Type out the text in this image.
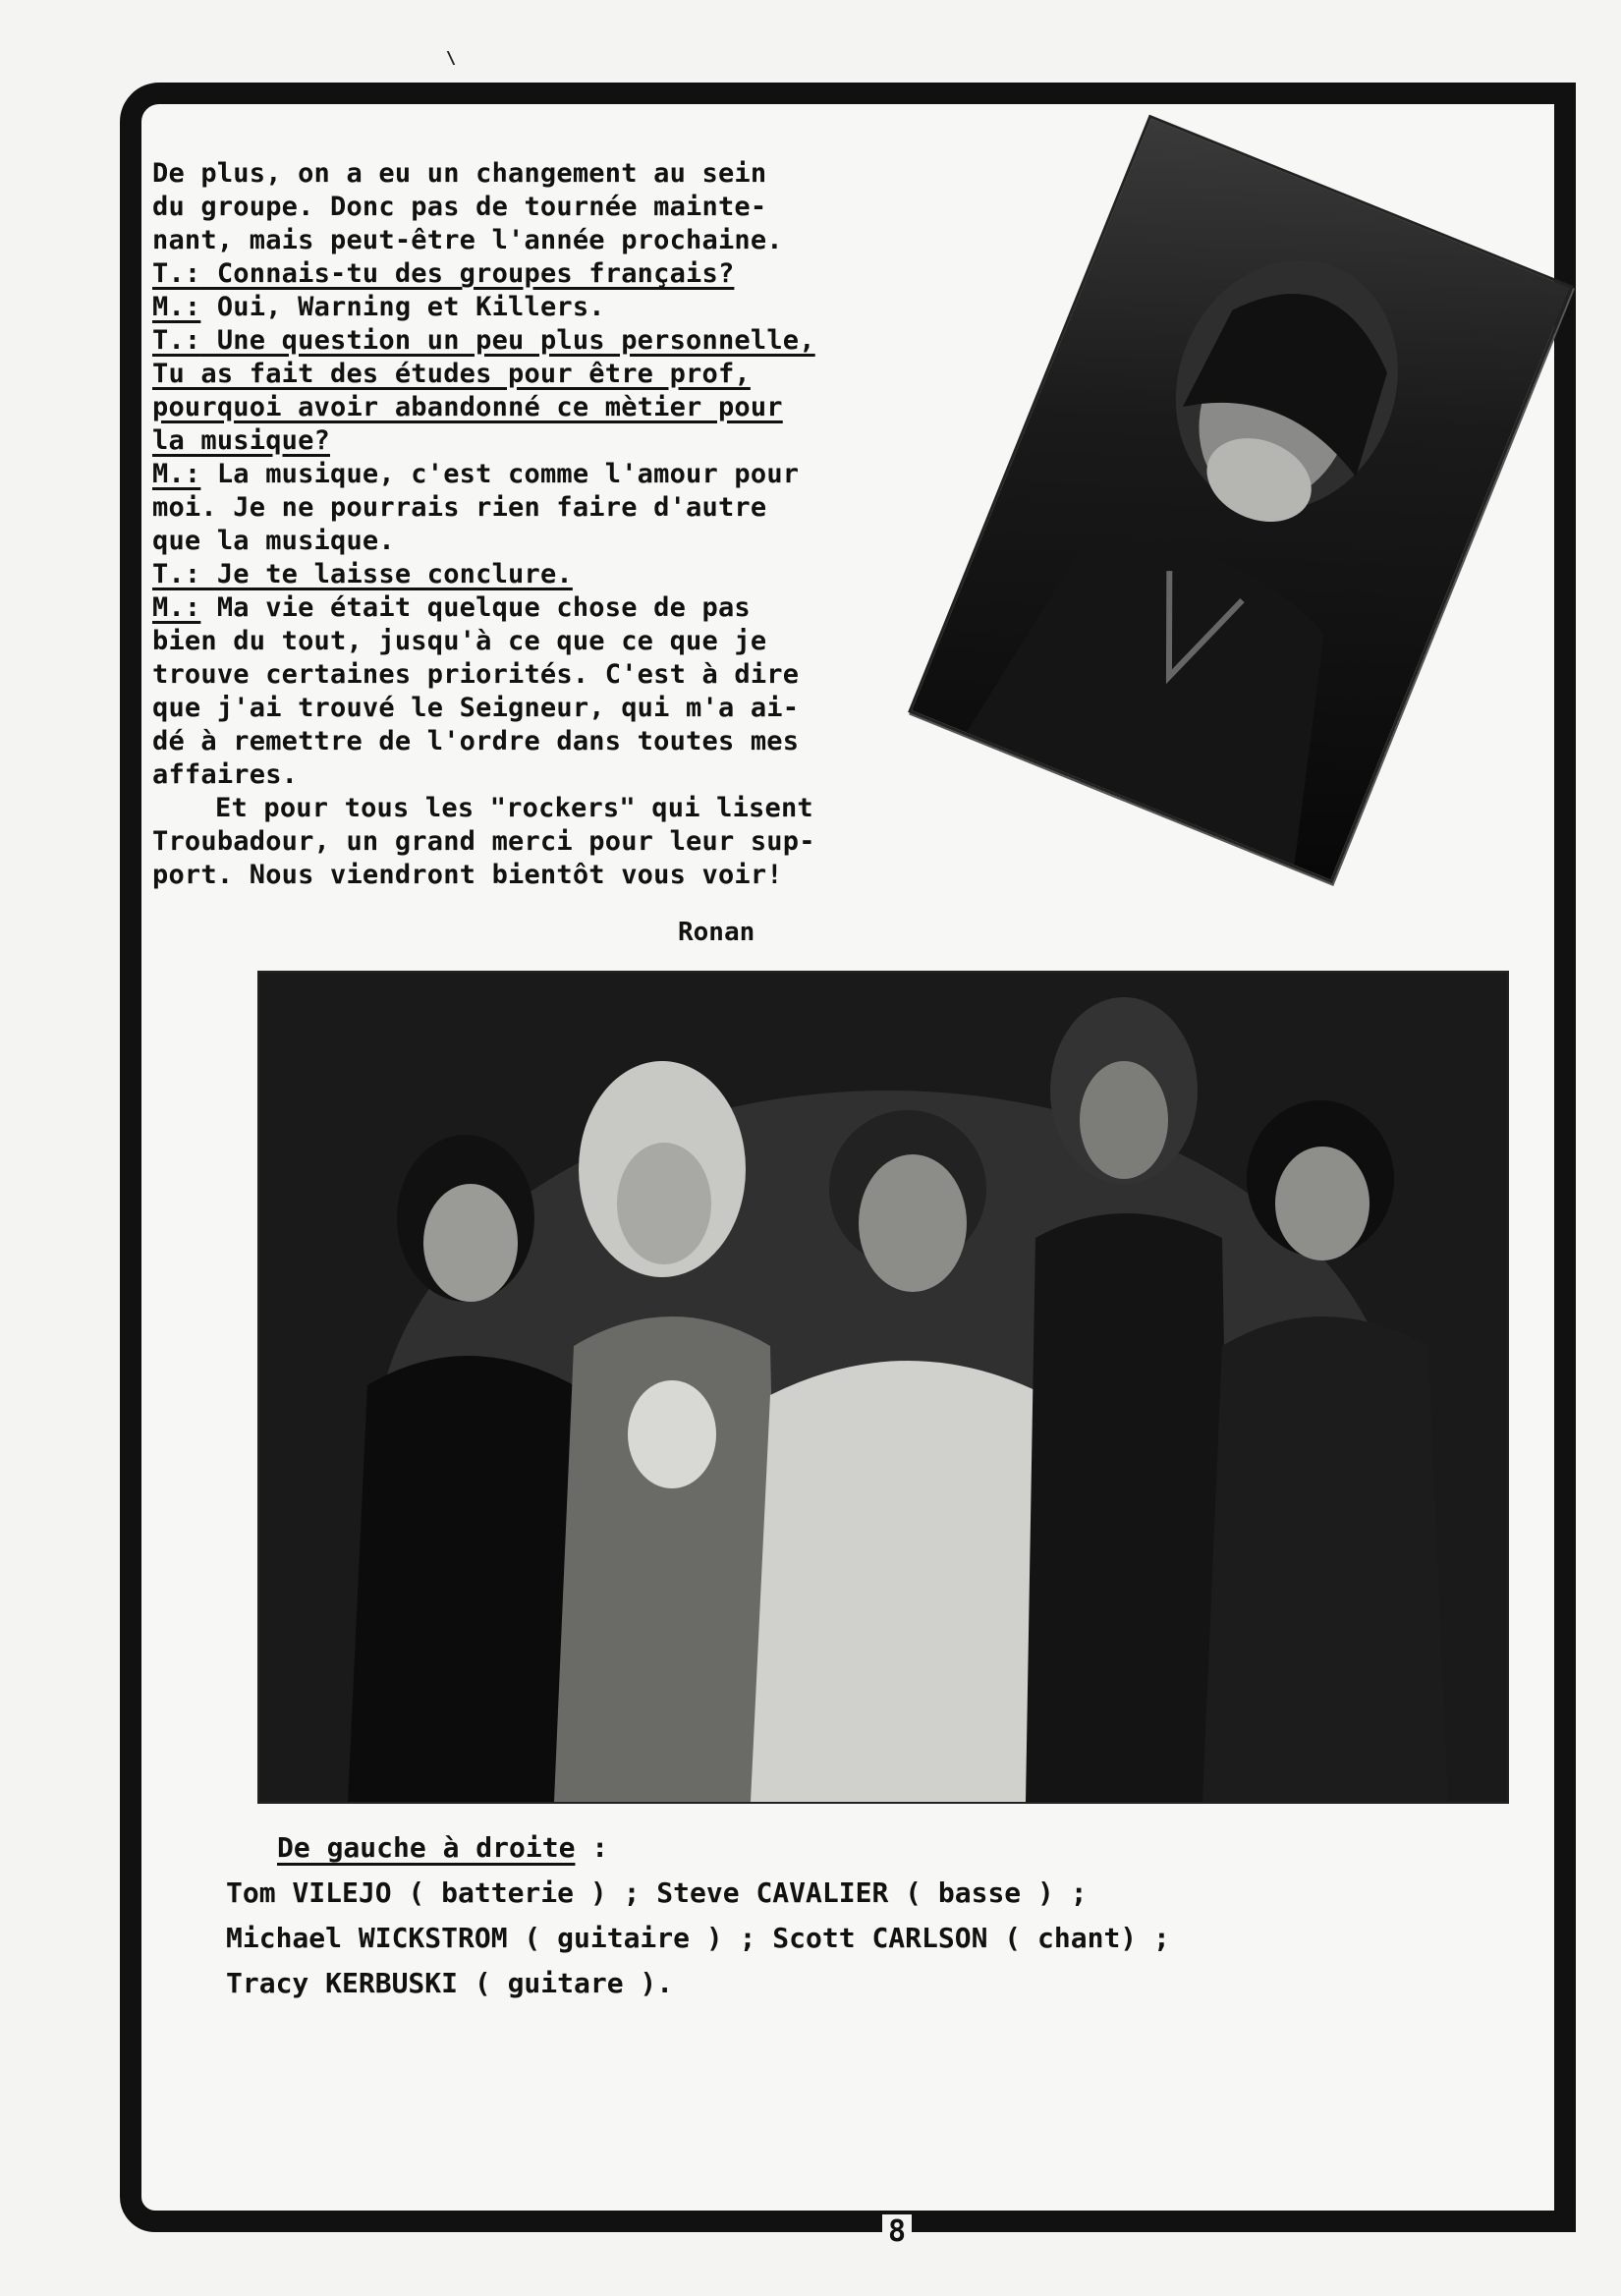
De plus, on a eu un changement au sein
du groupe. Donc pas de tournée mainte-
nant, mais peut-être l'année prochaine.

T.: Connais-tu des groupes français?

M.: Oui, Warning et Killers.

T.: Une question un peu plus personnelle,
Tu as fait des études pour être prof,
pourquoi avoir abandonné ce mètier pour
la musique?

M.: La musique, c'est comme l'amour pour
moi. Je ne pourrais rien faire d'autre
que la musique.

T.: Je te laisse conclure.

M.: Ma vie était quelque chose de pas
bien du tout, jusqu'à ce que ce que je
trouve certaines priorités. C'est à dire
que j'ai trouvé le Seigneur, qui m'a ai-
dé à remettre de l'ordre dans toutes mes
affaires.

Et pour tous les "rockers" qui lisent
Troubadour, un grand merci pour leur sup-
port. Nous viendront bientôt vous voir!

Ronan
De gauche à droite :
Tom VILEJO ( batterie ) ; Steve CAVALIER ( basse ) ;
Michael WICKSTROM ( guitaire ) ; Scott CARLSON ( chant) ;
Tracy KERBUSKI ( guitare ).
8
